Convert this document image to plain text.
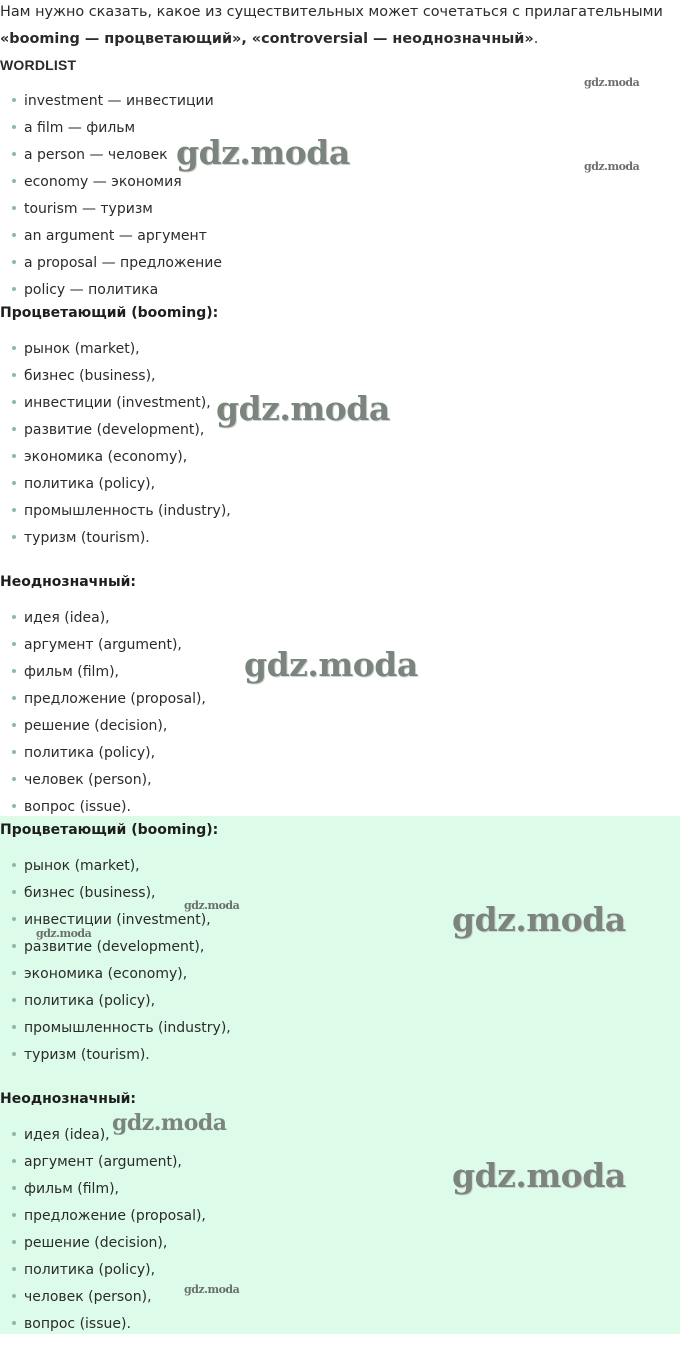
Нам нужно сказать, какое из существительных может сочетаться с прилагательными
«booming — процветающий», «controversial — неоднозначный».
WORDLIST
investment — инвестиции
a film — фильм
a person — человек
economy — экономия
tourism — туризм
an argument — аргумент
a proposal — предложение
policy — политика
Процветающий (booming):
рынок (market),
бизнес (business),
инвестиции (investment),
развитие (development),
экономика (economy),
политика (policy),
промышленность (industry),
туризм (tourism).
Неоднозначный:
идея (idea),
аргумент (argument),
фильм (film),
предложение (proposal),
решение (decision),
политика (policy),
человек (person),
вопрос (issue).
Процветающий (booming):
рынок (market),
бизнес (business),
инвестиции (investment),
развитие (development),
экономика (economy),
политика (policy),
промышленность (industry),
туризм (tourism).
Неоднозначный:
идея (idea),
аргумент (argument),
фильм (film),
предложение (proposal),
решение (decision),
политика (policy),
человек (person),
вопрос (issue).
gdz.moda
gdz.moda
gdz.moda
gdz.moda
gdz.moda
gdz.moda
gdz.moda	gdz.moda
gdz.moda
gdz.moda
gdz.moda
